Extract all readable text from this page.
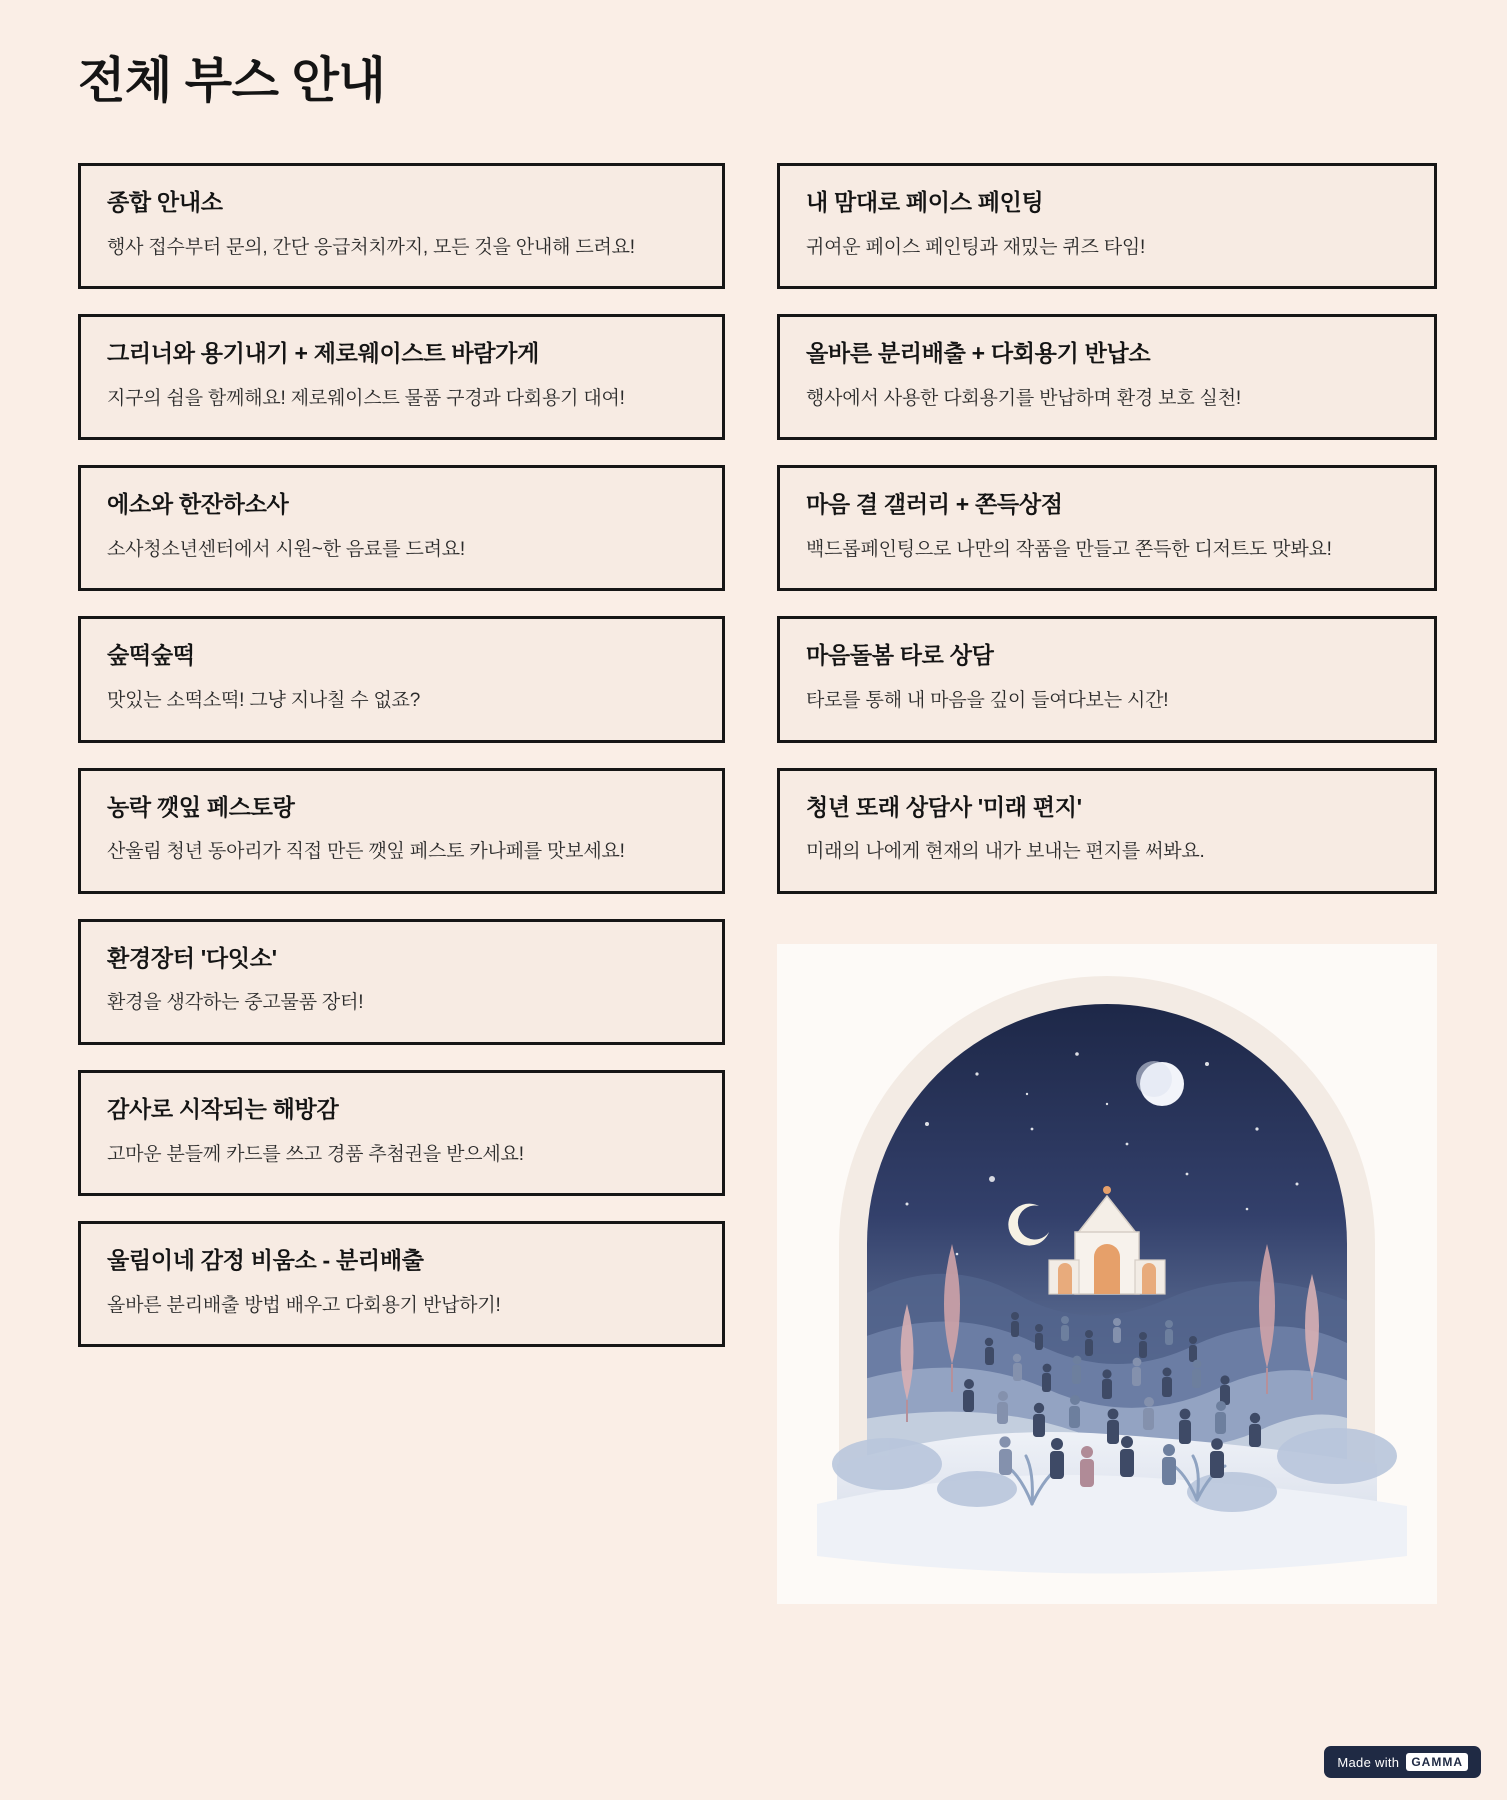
전체 부스 안내
종합 안내소
행사 접수부터 문의, 간단 응급처치까지, 모든 것을 안내해 드려요!
그리너와 용기내기 + 제로웨이스트 바람가게
지구의 쉼을 함께해요! 제로웨이스트 물품 구경과 다회용기 대여!
에소와 한잔하소사
소사청소년센터에서 시원~한 음료를 드려요!
숲떡숲떡
맛있는 소떡소떡! 그냥 지나칠 수 없죠?
농락 깻잎 페스토랑
산울림 청년 동아리가 직접 만든 깻잎 페스토 카나페를 맛보세요!
환경장터 '다잇소'
환경을 생각하는 중고물품 장터!
감사로 시작되는 해방감
고마운 분들께 카드를 쓰고 경품 추첨권을 받으세요!
울림이네 감정 비움소 - 분리배출
올바른 분리배출 방법 배우고 다회용기 반납하기!
내 맘대로 페이스 페인팅
귀여운 페이스 페인팅과 재밌는 퀴즈 타임!
올바른 분리배출 + 다회용기 반납소
행사에서 사용한 다회용기를 반납하며 환경 보호 실천!
마음 결 갤러리 + 쫀득상점
백드롭페인팅으로 나만의 작품을 만들고 쫀득한 디저트도 맛봐요!
마음돌봄 타로 상담
타로를 통해 내 마음을 깊이 들여다보는 시간!
청년 또래 상담사 '미래 편지'
미래의 나에게 현재의 내가 보내는 편지를 써봐요.
Made with	GAMMA
